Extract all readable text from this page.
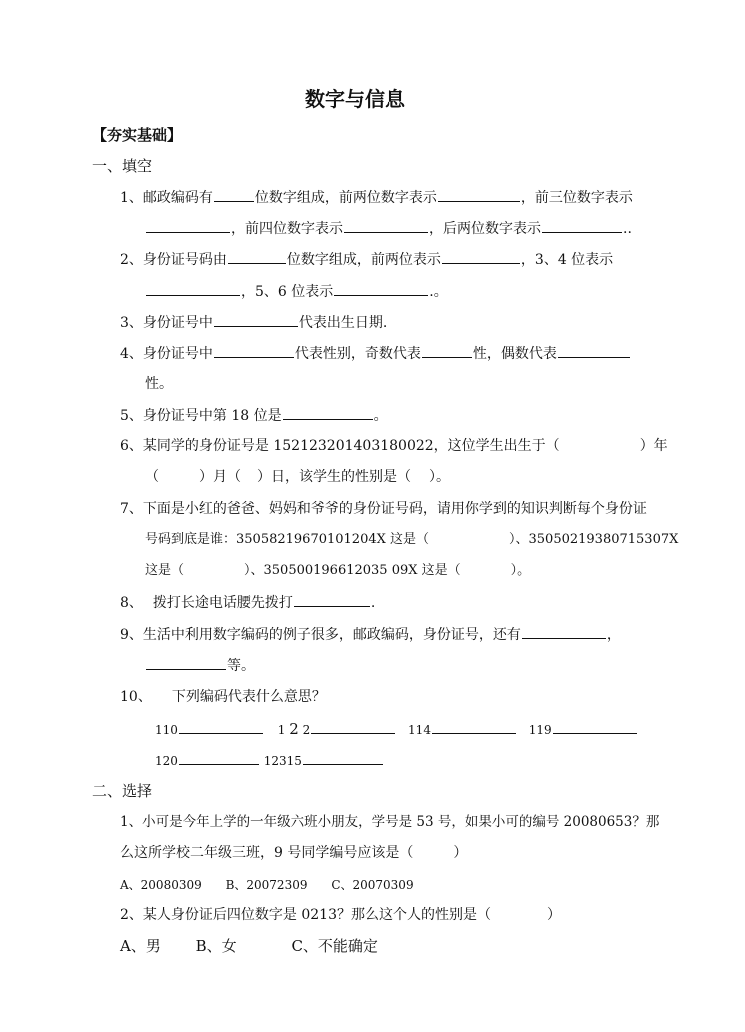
数字与信息
【夯实基础】
一、填空
1、邮政编码有	位数字组成，前两位数字表示	，前三位数字表示
，前四位数字表示	，后两位数字表示	..
2、身份证号码由	位数字组成，前两位表示	，3、4 位表示
，5、6 位表示	.。
3、身份证号中	代表出生日期.
4、身份证号中	代表性别，奇数代表	性，偶数代表
性。
5、身份证号中第 18 位是	。
6、某同学的身份证号是 152123201403180022，这位学生出生于（	）年
（	）月（ ）日，该学生的性别是（ ）。
7、下面是小红的爸爸、妈妈和爷爷的身份证号码，请用你学到的知识判断每个身份证
号码到底是谁：35058219670101204X 这是（	）、35050219380715307X
这是（	）、350500196612035 09X 这是（	）。
8、 拨打长途电话腰先拨打	.
9、生活中利用数字编码的例子很多，邮政编码，身份证号，还有	，
等。
10、 下列编码代表什么意思？
110	1 2 2	114	119
120	12315
二、选择
1、小可是今年上学的一年级六班小朋友，学号是 53 号，如果小可的编号 20080653？那
么这所学校二年级三班，9 号同学编号应该是（	）
A、20080309 B、20072309 C、20070309
2、某人身份证后四位数字是 0213？那么这个人的性别是（	）
A、男 B、女	C、不能确定
